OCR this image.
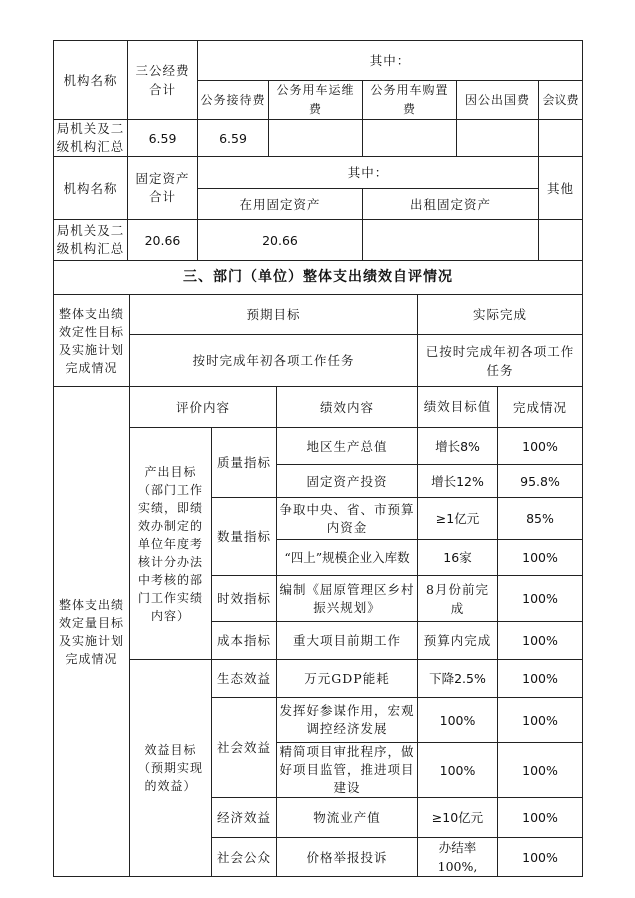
机构名称	三公经费合计	其中：				
		公务接待费	公务用车运维费	公务用车购置费	因公出国费	会议费
局机关及二级机构汇总	6.59	6.59				
机构名称	固定资产合计	其中：		其他
		在用固定资产	出租固定资产	
局机关及二级机构汇总	20.66	20.66		
三、部门（单位）整体支出绩效自评情况					
整体支出绩效定性目标及实施计划完成情况	预期目标			实际完成	
	按时完成年初各项工作任务			已按时完成年初各项工作任务	
整体支出绩效定量目标及实施计划完成情况	评价内容		绩效内容	绩效目标值	完成情况
	产出目标（部门工作实绩，即绩效办制定的单位年度考核计分办法中考核的部门工作实绩内容）	质量指标	地区生产总值	增长8%	100%
			固定资产投资	增长12%	95.8%
		数量指标	争取中央、省、市预算内资金	≥1亿元	85%
			“四上”规模企业入库数	16家	100%
		时效指标	编制《屈原管理区乡村振兴规划》	8月份前完成	100%
		成本指标	重大项目前期工作	预算内完成	100%
	效益目标（预期实现的效益）	生态效益	万元GDP能耗	下降2.5%	100%
		社会效益	发挥好参谋作用，宏观调控经济发展	100%	100%
			精简项目审批程序，做好项目监管，推进项目建设	100%	100%
		经济效益	物流业产值	≥10亿元	100%
		社会公众	价格举报投诉	办结率100%,	100%
